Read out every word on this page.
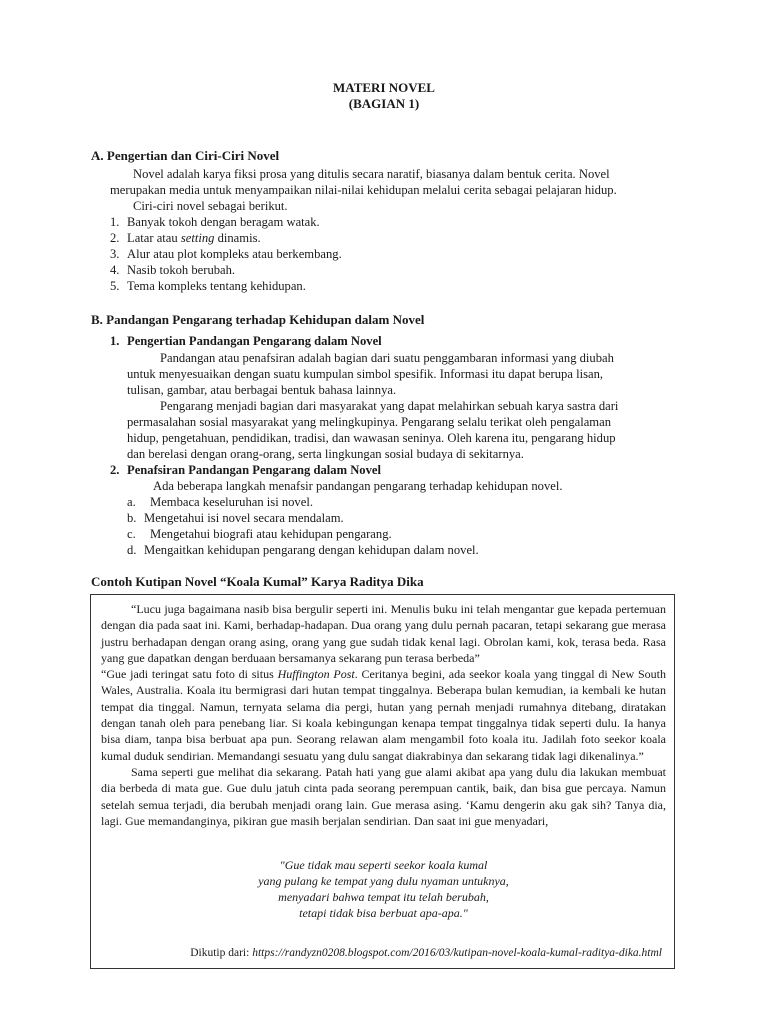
MATERI NOVEL
(BAGIAN 1)
A. Pengertian dan Ciri-Ciri Novel
Novel adalah karya fiksi prosa yang ditulis secara naratif, biasanya dalam bentuk cerita. Novel
merupakan media untuk menyampaikan nilai-nilai kehidupan melalui cerita sebagai pelajaran hidup.
Ciri-ciri novel sebagai berikut.
1. Banyak tokoh dengan beragam watak.
2. Latar atau setting dinamis.
3. Alur atau plot kompleks atau berkembang.
4. Nasib tokoh berubah.
5. Tema kompleks tentang kehidupan.
B. Pandangan Pengarang terhadap Kehidupan dalam Novel
1. Pengertian Pandangan Pengarang dalam Novel
Pandangan atau penafsiran adalah bagian dari suatu penggambaran informasi yang diubah
untuk menyesuaikan dengan suatu kumpulan simbol spesifik. Informasi itu dapat berupa lisan,
tulisan, gambar, atau berbagai bentuk bahasa lainnya.
Pengarang menjadi bagian dari masyarakat yang dapat melahirkan sebuah karya sastra dari
permasalahan sosial masyarakat yang melingkupinya. Pengarang selalu terikat oleh pengalaman
hidup, pengetahuan, pendidikan, tradisi, dan wawasan seninya. Oleh karena itu, pengarang hidup
dan berelasi dengan orang-orang, serta lingkungan sosial budaya di sekitarnya.
2. Penafsiran Pandangan Pengarang dalam Novel
Ada beberapa langkah menafsir pandangan pengarang terhadap kehidupan novel.
a. Membaca keseluruhan isi novel.
b. Mengetahui isi novel secara mendalam.
c. Mengetahui biografi atau kehidupan pengarang.
d. Mengaitkan kehidupan pengarang dengan kehidupan dalam novel.
Contoh Kutipan Novel “Koala Kumal” Karya Raditya Dika

“Lucu juga bagaimana nasib bisa bergulir seperti ini. Menulis buku ini telah mengantar gue kepada pertemuan dengan dia pada saat ini. Kami, berhadap-hadapan. Dua orang yang dulu pernah pacaran, tetapi sekarang gue merasa justru berhadapan dengan orang asing, orang yang gue sudah tidak kenal lagi. Obrolan kami, kok, terasa beda. Rasa yang gue dapatkan dengan berduaan bersamanya sekarang pun terasa berbeda”

“Gue jadi teringat satu foto di situs Huffington Post. Ceritanya begini, ada seekor koala yang tinggal di New South Wales, Australia. Koala itu bermigrasi dari hutan tempat tinggalnya. Beberapa bulan kemudian, ia kembali ke hutan tempat dia tinggal. Namun, ternyata selama dia pergi, hutan yang pernah menjadi rumahnya ditebang, diratakan dengan tanah oleh para penebang liar. Si koala kebingungan kenapa tempat tinggalnya tidak seperti dulu. Ia hanya bisa diam, tanpa bisa berbuat apa pun. Seorang relawan alam mengambil foto koala itu. Jadilah foto seekor koala kumal duduk sendirian. Memandangi sesuatu yang dulu sangat diakrabinya dan sekarang tidak lagi dikenalinya.”

Sama seperti gue melihat dia sekarang. Patah hati yang gue alami akibat apa yang dulu dia lakukan membuat dia berbeda di mata gue. Gue dulu jatuh cinta pada seorang perempuan cantik, baik, dan bisa gue percaya. Namun setelah semua terjadi, dia berubah menjadi orang lain. Gue merasa asing. ‘Kamu dengerin aku gak sih? Tanya dia, lagi. Gue memandanginya, pikiran gue masih berjalan sendirian. Dan saat ini gue menyadari,

"Gue tidak mau seperti seekor koala kumal
yang pulang ke tempat yang dulu nyaman untuknya,
menyadari bahwa tempat itu telah berubah,
tetapi tidak bisa berbuat apa-apa."
Dikutip dari: https://randyzn0208.blogspot.com/2016/03/kutipan-novel-koala-kumal-raditya-dika.html
